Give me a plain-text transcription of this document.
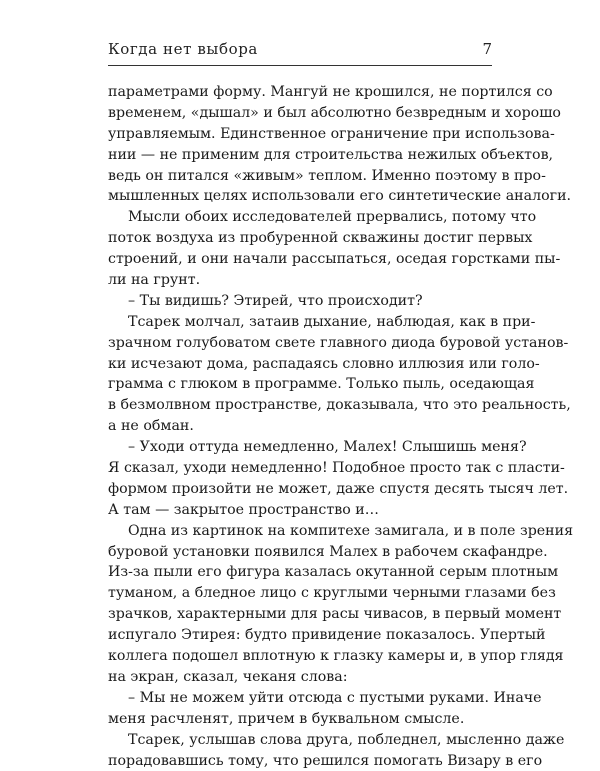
Когда нет выбора	7
параметрами форму. Мангуй не крошился, не портился со
временем, «дышал» и был абсолютно безвредным и хорошо
управляемым. Единственное ограничение при использова-
нии — не применим для строительства нежилых объектов,
ведь он питался «живым» теплом. Именно поэтому в про-
мышленных целях использовали его синтетические аналоги.
Мысли обоих исследователей прервались, потому что
поток воздуха из пробуренной скважины достиг первых
строений, и они начали рассыпаться, оседая горстками пы-
ли на грунт.
– Ты видишь? Этирей, что происходит?
Тсарек молчал, затаив дыхание, наблюдая, как в при-
зрачном голубоватом свете главного диода буровой установ-
ки исчезают дома, распадаясь словно иллюзия или голо-
грамма с глюком в программе. Только пыль, оседающая
в безмолвном пространстве, доказывала, что это реальность,
а не обман.
– Уходи оттуда немедленно, Малех! Слышишь меня?
Я сказал, уходи немедленно! Подобное просто так с пласти-
формом произойти не может, даже спустя десять тысяч лет.
А там — закрытое пространство и…
Одна из картинок на компитехе замигала, и в поле зрения
буровой установки появился Малех в рабочем скафандре.
Из-за пыли его фигура казалась окутанной серым плотным
туманом, а бледное лицо с круглыми черными глазами без
зрачков, характерными для расы чивасов, в первый момент
испугало Этирея: будто привидение показалось. Упертый
коллега подошел вплотную к глазку камеры и, в упор глядя
на экран, сказал, чеканя слова:
– Мы не можем уйти отсюда с пустыми руками. Иначе
меня расчленят, причем в буквальном смысле.
Тсарек, услышав слова друга, побледнел, мысленно даже
порадовавшись тому, что решился помогать Визару в его
